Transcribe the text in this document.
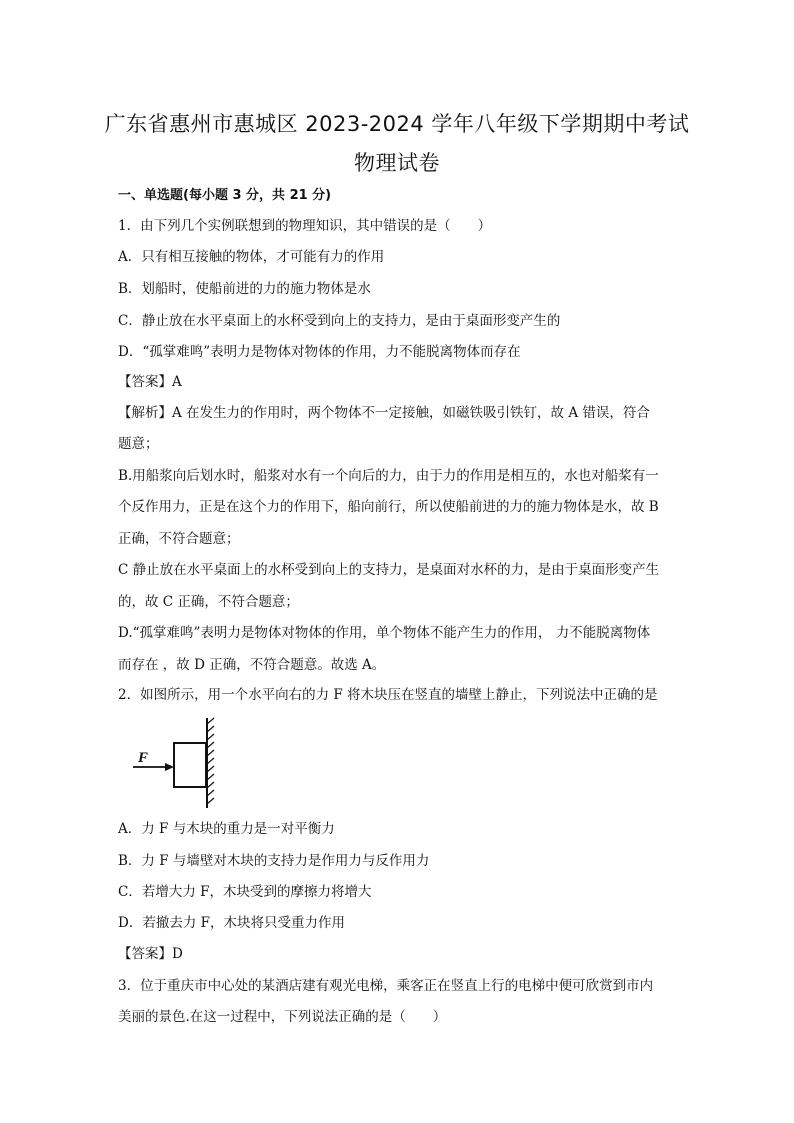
广东省惠州市惠城区 2023-2024 学年八年级下学期期中考试
物理试卷
一、单选题(每小题 3 分，共 21 分)
1．由下列几个实例联想到的物理知识，其中错误的是（　　）
A．只有相互接触的物体，才可能有力的作用
B．划船时，使船前进的力的施力物体是水
C．静止放在水平桌面上的水杯受到向上的支持力，是由于桌面形变产生的
D．“孤掌难鸣”表明力是物体对物体的作用，力不能脱离物体而存在
【答案】A
【解析】A 在发生力的作用时，两个物体不一定接触，如磁铁吸引铁钉，故 A 错误，符合
题意；
B.用船浆向后划水时，船浆对水有一个向后的力，由于力的作用是相互的，水也对船桨有一
个反作用力，正是在这个力的作用下，船向前行，所以使船前进的力的施力物体是水，故 B
正确，不符合题意；
C 静止放在水平桌面上的水杯受到向上的支持力，是桌面对水杯的力，是由于桌面形变产生
的，故 C 正确，不符合题意；
D.“孤掌难鸣”表明力是物体对物体的作用，单个物体不能产生力的作用， 力不能脱离物体
而存在 ，故 D 正确，不符合题意。故选 A。
2．如图所示，用一个水平向右的力 F 将木块压在竖直的墙壁上静止，下列说法中正确的是
F
A．力 F 与木块的重力是一对平衡力
B．力 F 与墙壁对木块的支持力是作用力与反作用力
C．若增大力 F，木块受到的摩擦力将增大
D．若撤去力 F，木块将只受重力作用
【答案】D
3．位于重庆市中心处的某酒店建有观光电梯，乘客正在竖直上行的电梯中便可欣赏到市内
美丽的景色.在这一过程中，下列说法正确的是（　　）
